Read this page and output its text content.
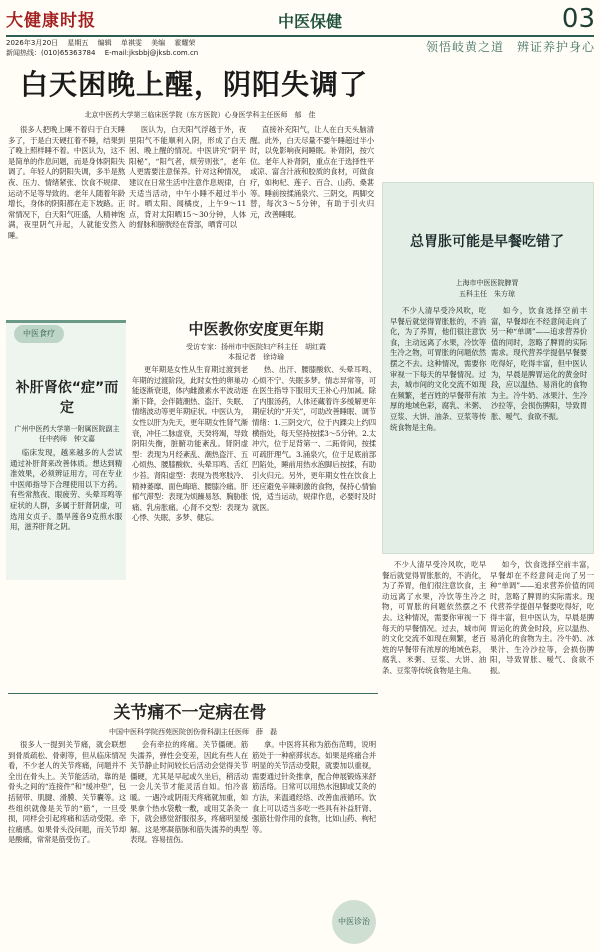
大健康时报	中医保健	03
2026年3月20日 星期五 编辑 单祺雯 美编 霍耀荣
新闻热线：(010)65363784 E-mail:jksbbj@jksb.com.cn	领悟岐黄之道　辨证养护身心
白天困晚上醒，阴阳失调了
北京中医药大学第三临床医学院（东方医院）心身医学科主任医师　郁　佳

很多人把晚上睡不着归于白天睡多了，于是白天硬扛着不睡，结果到了晚上照样睡不着。中医认为，这不是简单的作息问题，而是身体阴阳失调了。年轻人的阴阳失调，多半是熬夜、压力、情绪紧张、饮食不规律、运动不足等导致的。老年人随着年龄增长，身体的阴阳都在走下坡路。正常情况下，白天阳气旺盛，人精神饱满，夜里阴气升起，人就能安然入睡。

医认为，白天阳气浮越于外，夜里阳气不能顺利入阴，形成了白天困、晚上醒的情况。中医讲究“阴平阳秘”，“阳气者，烦劳则张”，老年人更需要注意保养。针对这种情况，建议在日常生活中注意作息规律，白天适当活动，中午小睡不超过半小时。晒太阳、闻橘皮，上午9～11点，背对太阳晒15～30分钟，人体的督脉和膀胱经在背部，晒背可以

直接补充阳气，让人在白天头脑清醒。此外，白天尽量不要午睡超过半小时，以免影响夜间睡眠。补肾阴，按穴位。老年人补肾阴，重点在于选择性平或凉、富含汁液和胶质的食材，可做食疗，如枸杞、莲子、百合、山药、桑葚等。睡前按揉涌泉穴、三阴交，两脚交替，每次3～5分钟，有助于引火归元，改善睡眠。

总胃胀可能是早餐吃错了
上海市中医医院脾胃
五科主任　朱方琼

不少人清早受冷风吹，吃早餐后就觉得胃胀胀的，不消化，为了养胃，他们很注意饮食，主动远离了水果，冷饮等生冷之物，可胃胀的问题依然摆之不去。这种情况，需要你审视一下每天的早餐情况。过去，城市间的文化交流不如现在频繁，老百姓的早餐带有浓厚的地域色彩，腐乳、米粥、豆浆、大饼、油条、豆浆等传统食物是主角。

如今，饮食选择空前丰富，早餐却在不经意间走向了另一种“单调”——追求营养价值的同时，忽略了脾胃的实际需求。现代营养学提倡早餐要吃得好，吃得丰富，但中医认为，早晨是脾胃运化的黄金时段，应以温热、易消化的食物为主。冷牛奶、冰果汁、生冷沙拉等，会损伤脾阳，导致胃胀、嗳气、食欲不振。

中医食疗
补肝肾依“症”而定
广州中医药大学第一附属医院副主任中药师　钟文嘉

临床发现，越来越多的人尝试通过补肝肾来改善体质。想达到精准效果，必须辨证用方，可在专业中医师指导下合理使用以下方药。有些常熬夜、眼疲劳、头晕耳鸣等症状的人群，多属于肝肾阴虚，可选用女贞子、墨旱莲各9克煎水服用，滋养肝肾之阴。

中医教你安度更年期
受访专家：扬州市中医院妇产科主任　胡红霞
本报记者　徐诗瑜

更年期是女性从生育期过渡到老年期的过渡阶段，此时女性的卵巢功能逐渐衰退，体内雌激素水平波动逐渐下降，会伴随潮热、盗汗、失眠、情绪波动等更年期症状。中医认为，女性以肝为先天，更年期女性肾气渐衰，冲任二脉虚衰，天癸将竭，导致阴阳失衡，脏腑功能紊乱。肾阴虚型：表现为月经紊乱、潮热盗汗、五心烦热、腰膝酸软、头晕耳鸣、舌红少苔。肾阳虚型：表现为畏寒肢冷、精神萎靡、面色晦暗、腰膝冷痛。肝郁气滞型：表现为烦躁易怒、胸胁胀痛、乳房胀痛。心肾不交型：表现为心悸、失眠、多梦、健忘。

热、出汗、腰膝酸软、头晕耳鸣、心烦不宁、失眠多梦。情志异常等，可在医生指导下服用天王补心丹加减。除了内服汤药，人体还藏着许多缓解更年期症状的“开关”，可助改善睡眠、调节情绪：1.三阴交穴，位于内踝尖上约四横指处，每天坚持按揉3～5分钟。2.太冲穴，位于足背第一、二跖骨间，按揉可疏肝理气。3.涌泉穴，位于足底前部凹陷处，睡前用热水泡脚后按揉，有助引火归元。另外，更年期女性在饮食上还应避免辛辣刺激的食物，保持心情愉悦，适当运动，规律作息，必要时及时就医。

不少人清早受冷风吹，吃早餐后就觉得胃胀胀的，不消化，为了养胃，他们很注意饮食，主动远离了水果，冷饮等生冷之物，可胃胀的问题依然摆之不去。这种情况，需要你审视一下每天的早餐情况。过去，城市间的文化交流不如现在频繁，老百姓的早餐带有浓厚的地域色彩，腐乳、米粥、豆浆、大饼、油条、豆浆等传统食物是主角。

如今，饮食选择空前丰富，早餐却在不经意间走向了另一种“单调”——追求营养价值的同时，忽略了脾胃的实际需求。现代营养学提倡早餐要吃得好，吃得丰富，但中医认为，早晨是脾胃运化的黄金时段，应以温热、易消化的食物为主。冷牛奶、冰果汁、生冷沙拉等，会损伤脾阳，导致胃胀、嗳气、食欲不振。

关节痛不一定病在骨
中国中医科学院西苑医院创伤骨科副主任医师　薛　磊

很多人一提到关节痛，就会联想到骨质疏松、骨刺等，但从临床情况看，不少老人的关节疼痛，问题并不全出在骨头上。关节能活动，靠的是骨头之间的“连接件”和“缓冲垫”，包括韧带、肌腱、滑膜、关节囊等。这些组织就像是关节的“筋”，一旦受损，同样会引起疼痛和活动受限。牵拉痛感。如果骨头没问题，而关节却是酸痛，常常是筋受伤了。

会有牵拉的疼痛。关节僵硬。筋失濡养，弹性会变差，因此有些人在关节静止时间较长后活动会觉得关节僵硬，尤其是早起或久坐后，稍活动一会儿关节才能灵活自如。怕冷喜暖。一遇冷或阴雨天疼痛就加重，如果拿个热水袋敷一敷，或用艾条灸一下，就会感觉舒服很多，疼痛明显缓解。这是寒凝筋脉和筋失濡养的典型表现。容易扭伤。

拿。中医将其称为筋伤范畴，说明筋处于一种瘀滞状态。如果是疼痛合并明显的关节活动受限，就要加以重视，需要通过针灸推拿，配合伸展锻炼来舒筋活络。日常可以用热水泡脚或艾灸的方法，来温通经络、改善血液循环。饮食上可以适当多吃一些具有补益肝肾、强筋壮骨作用的食物，比如山药、枸杞等。

中医诊治
